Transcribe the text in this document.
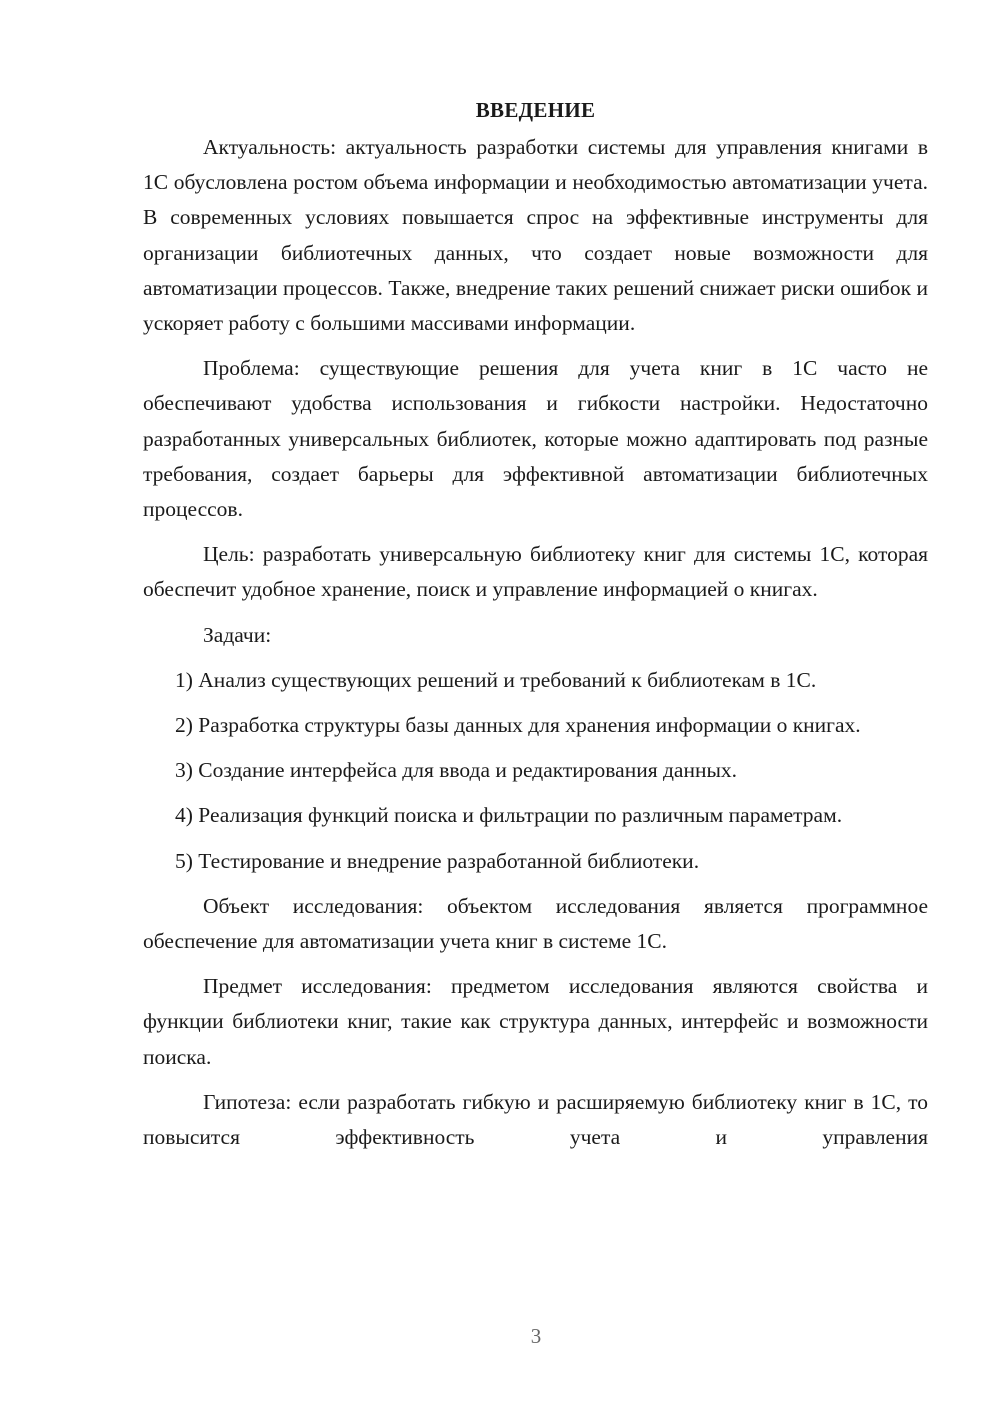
ВВЕДЕНИЕ

Актуальность: актуальность разработки системы для управления книгами в 1С обусловлена ростом объема информации и необходимостью автоматизации учета. В современных условиях повышается спрос на эффективные инструменты для организации библиотечных данных, что создает новые возможности для автоматизации процессов. Также, внедрение таких решений снижает риски ошибок и ускоряет работу с большими массивами информации.

Проблема: существующие решения для учета книг в 1С часто не обеспечивают удобства использования и гибкости настройки. Недостаточно разработанных универсальных библиотек, которые можно адаптировать под разные требования, создает барьеры для эффективной автоматизации библиотечных процессов.

Цель: разработать универсальную библиотеку книг для системы 1С, которая обеспечит удобное хранение, поиск и управление информацией о книгах.

Задачи:

1) Анализ существующих решений и требований к библиотекам в 1С.

2) Разработка структуры базы данных для хранения информации о книгах.

3) Создание интерфейса для ввода и редактирования данных.

4) Реализация функций поиска и фильтрации по различным параметрам.

5) Тестирование и внедрение разработанной библиотеки.

Объект исследования: объектом исследования является программное обеспечение для автоматизации учета книг в системе 1С.

Предмет исследования: предметом исследования являются свойства и функции библиотеки книг, такие как структура данных, интерфейс и возможности поиска.

Гипотеза: если разработать гибкую и расширяемую библиотеку книг в 1С, то повысится эффективность учета и управления

3
